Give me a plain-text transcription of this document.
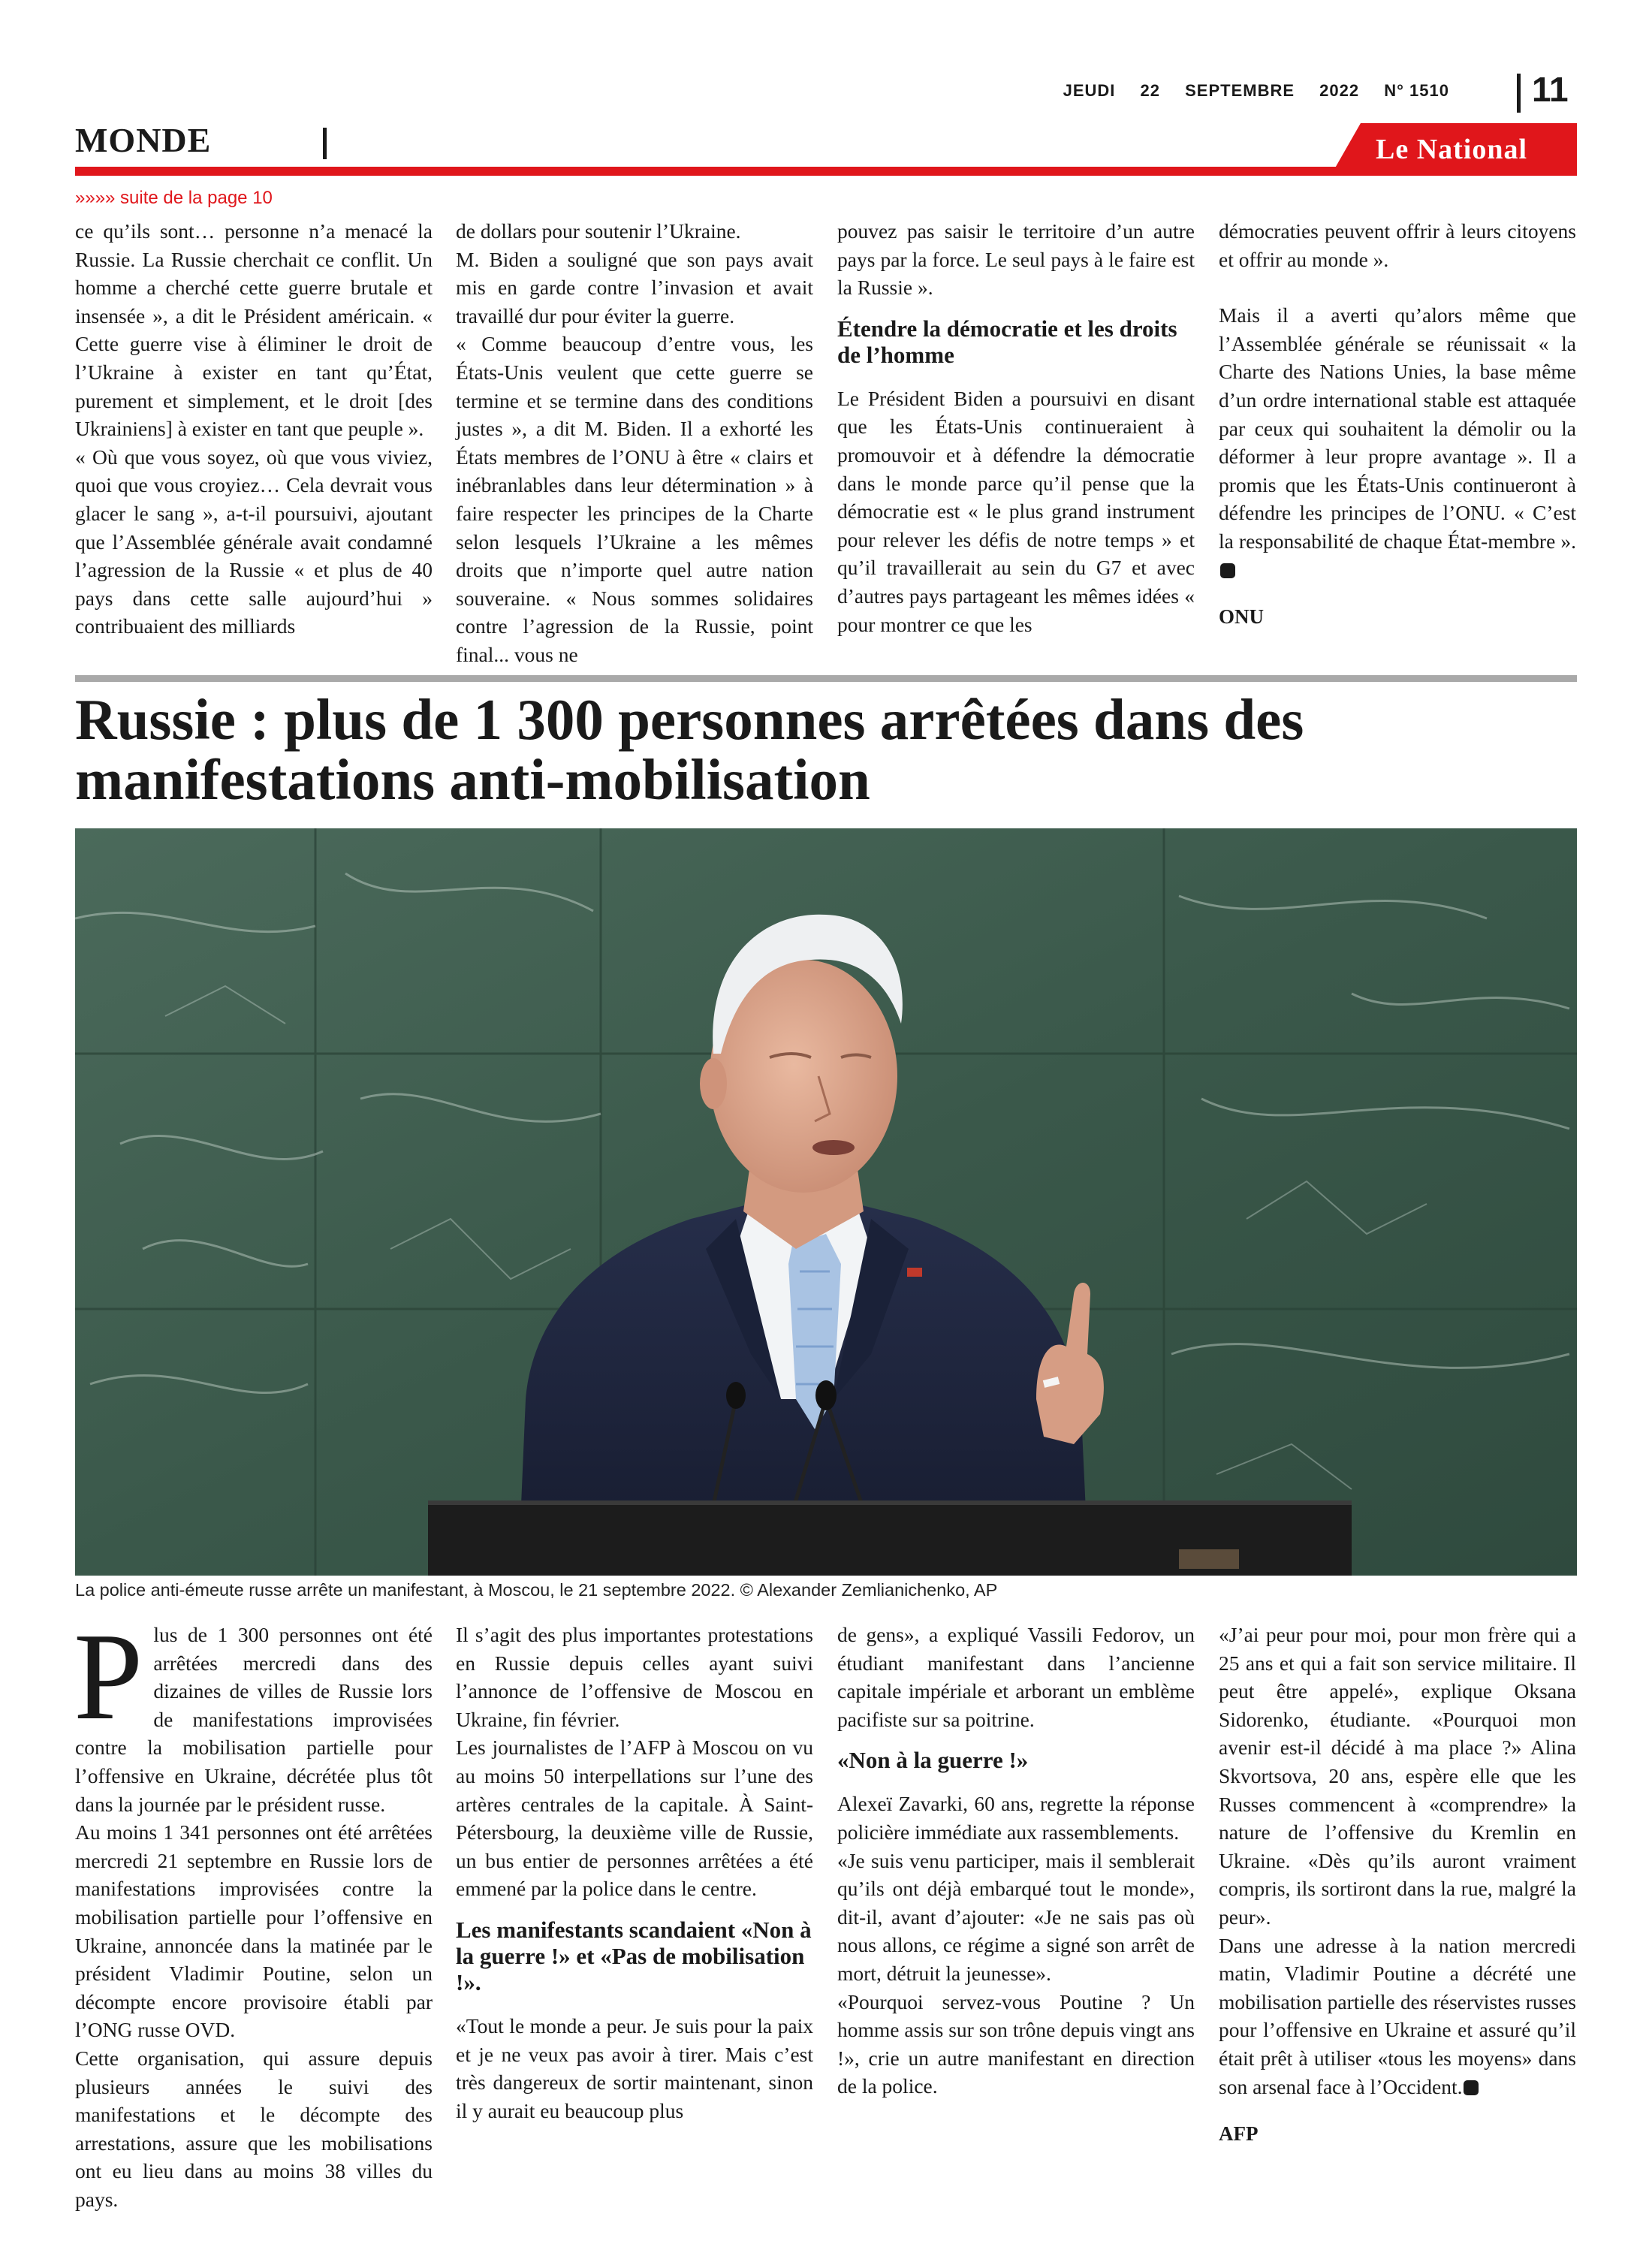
JEUDI 22 SEPTEMBRE 2022 N° 1510 11
MONDE	Le National
»»»» suite de la page 10

ce qu’ils sont… personne n’a menacé la Russie. La Russie cherchait ce conflit. Un homme a cherché cette guerre brutale et insensée », a dit le Président américain. « Cette guerre vise à éliminer le droit de l’Ukraine à exister en tant qu’État, purement et simplement, et le droit [des Ukrainiens] à exister en tant que peuple ».

« Où que vous soyez, où que vous viviez, quoi que vous croyiez… Cela devrait vous glacer le sang », a-t-il poursuivi, ajoutant que l’Assemblée générale avait condamné l’agression de la Russie « et plus de 40 pays dans cette salle aujourd’hui » contribuaient des milliards

de dollars pour soutenir l’Ukraine.

M. Biden a souligné que son pays avait mis en garde contre l’invasion et avait travaillé dur pour éviter la guerre.

« Comme beaucoup d’entre vous, les États-Unis veulent que cette guerre se termine et se termine dans des conditions justes », a dit M. Biden. Il a exhorté les États membres de l’ONU à être « clairs et inébranlables dans leur détermination » à faire respecter les principes de la Charte selon lesquels l’Ukraine a les mêmes droits que n’importe quel autre nation souveraine. « Nous sommes solidaires contre l’agression de la Russie, point final... vous ne

pouvez pas saisir le territoire d’un autre pays par la force. Le seul pays à le faire est la Russie ».

Étendre la démocratie et les droits de l’homme

Le Président Biden a poursuivi en disant que les États-Unis continueraient à promouvoir et à défendre la démocratie dans le monde parce qu’il pense que la démocratie est « le plus grand instrument pour relever les défis de notre temps » et qu’il travaillerait au sein du G7 et avec d’autres pays partageant les mêmes idées « pour montrer ce que les

démocraties peuvent offrir à leurs citoyens et offrir au monde ».

Mais il a averti qu’alors même que l’Assemblée générale se réunissait « la Charte des Nations Unies, la base même d’un ordre international stable est attaquée par ceux qui souhaitent la démolir ou la déformer à leur propre avantage ». Il a promis que les États-Unis continueront à défendre les principes de l’ONU. « C’est la responsabilité de chaque État-membre ».

ONU

Russie : plus de 1 300 personnes arrêtées dans des manifestations anti-mobilisation
La police anti-émeute russe arrête un manifestant, à Moscou, le 21 septembre 2022. © Alexander Zemlianichenko, AP

Plus de 1 300 personnes ont été arrêtées mercredi dans des dizaines de villes de Russie lors de manifestations improvisées contre la mobilisation partielle pour l’offensive en Ukraine, décrétée plus tôt dans la journée par le président russe.

Au moins 1 341 personnes ont été arrêtées mercredi 21 septembre en Russie lors de manifestations improvisées contre la mobilisation partielle pour l’offensive en Ukraine, annoncée dans la matinée par le président Vladimir Poutine, selon un décompte encore provisoire établi par l’ONG russe OVD.

Cette organisation, qui assure depuis plusieurs années le suivi des manifestations et le décompte des arrestations, assure que les mobilisations ont eu lieu dans au moins 38 villes du pays.

Il s’agit des plus importantes protestations en Russie depuis celles ayant suivi l’annonce de l’offensive de Moscou en Ukraine, fin février.

Les journalistes de l’AFP à Moscou on vu au moins 50 interpellations sur l’une des artères centrales de la capitale. À Saint-Pétersbourg, la deuxième ville de Russie, un bus entier de personnes arrêtées a été emmené par la police dans le centre.

Les manifestants scandaient «Non à la guerre !» et «Pas de mobilisation !».

«Tout le monde a peur. Je suis pour la paix et je ne veux pas avoir à tirer. Mais c’est très dangereux de sortir maintenant, sinon il y aurait eu beaucoup plus

de gens», a expliqué Vassili Fedorov, un étudiant manifestant dans l’ancienne capitale impériale et arborant un emblème pacifiste sur sa poitrine.

«Non à la guerre !»

Alexeï Zavarki, 60 ans, regrette la réponse policière immédiate aux rassemblements.

«Je suis venu participer, mais il semblerait qu’ils ont déjà embarqué tout le monde», dit-il, avant d’ajouter: «Je ne sais pas où nous allons, ce régime a signé son arrêt de mort, détruit la jeunesse».

«Pourquoi servez-vous Poutine ? Un homme assis sur son trône depuis vingt ans !», crie un autre manifestant en direction de la police.

«J’ai peur pour moi, pour mon frère qui a 25 ans et qui a fait son service militaire. Il peut être appelé», explique Oksana Sidorenko, étudiante. «Pourquoi mon avenir est-il décidé à ma place ?» Alina Skvortsova, 20 ans, espère elle que les Russes commencent à «comprendre» la nature de l’offensive du Kremlin en Ukraine. «Dès qu’ils auront vraiment compris, ils sortiront dans la rue, malgré la peur».

Dans une adresse à la nation mercredi matin, Vladimir Poutine a décrété une mobilisation partielle des réservistes russes pour l’offensive en Ukraine et assuré qu’il était prêt à utiliser «tous les moyens» dans son arsenal face à l’Occident.

AFP
